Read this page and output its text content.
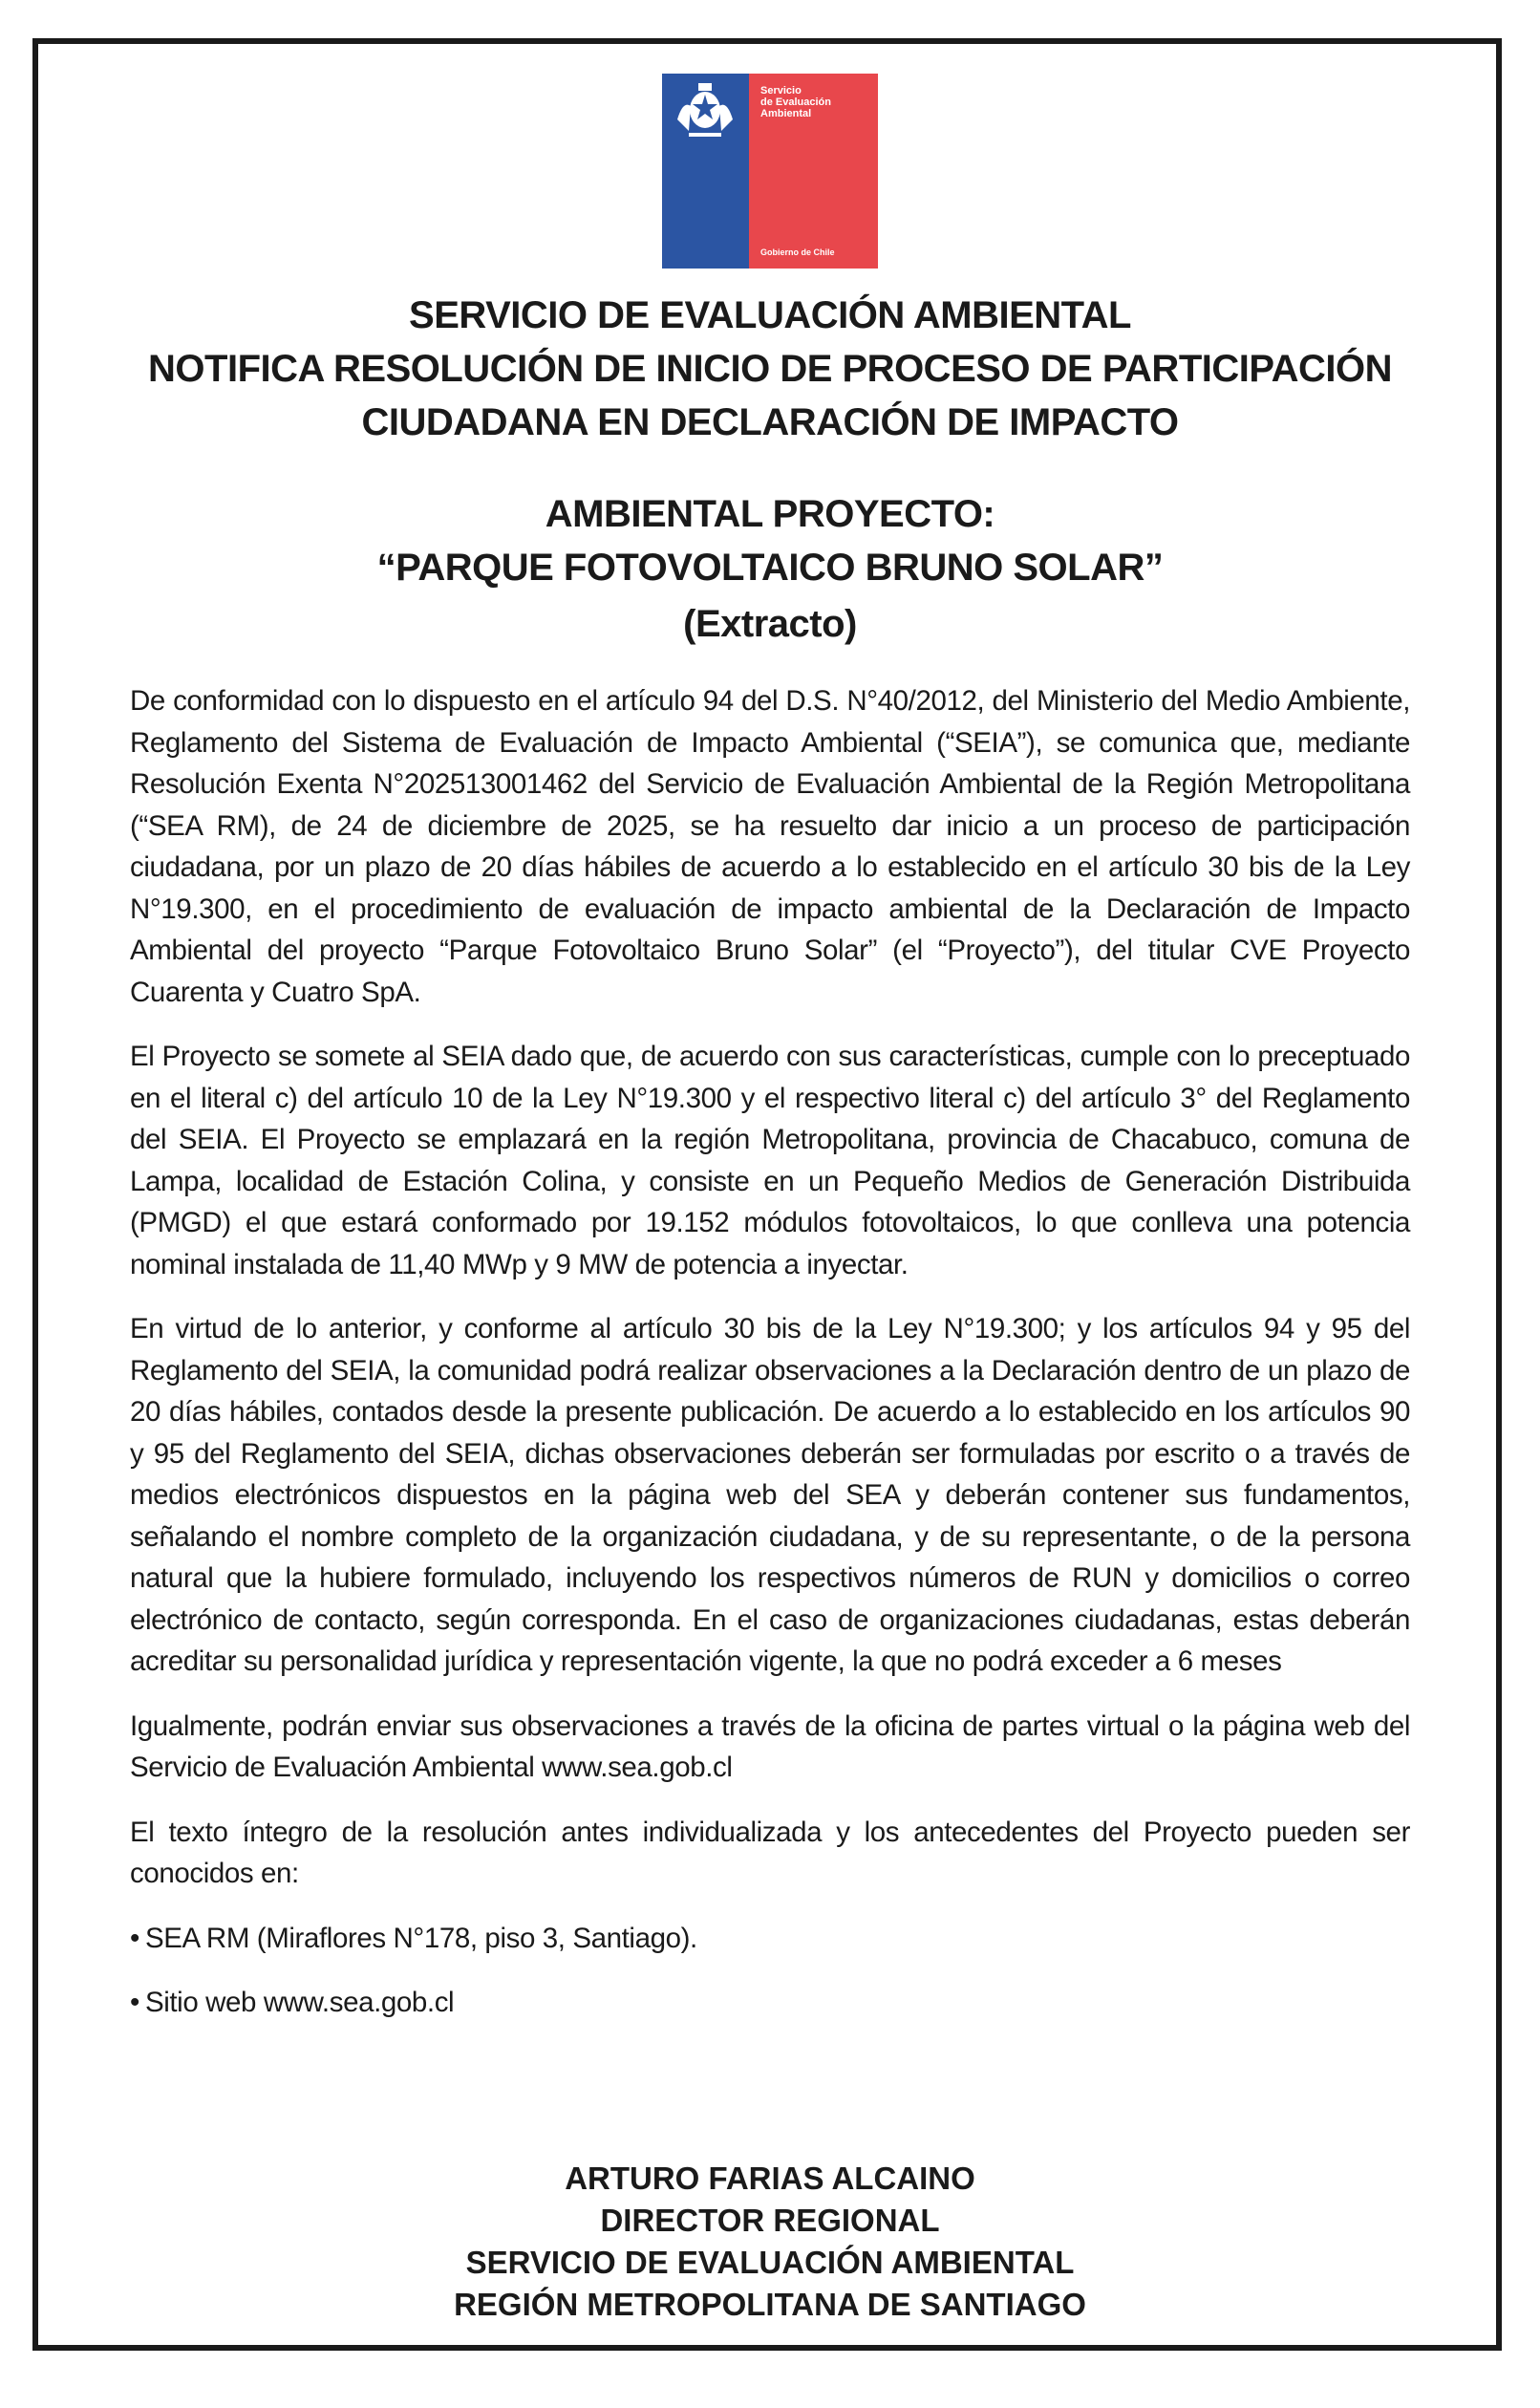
Servicio
de Evaluación
Ambiental
Gobierno de Chile
SERVICIO DE EVALUACIÓN AMBIENTAL
NOTIFICA RESOLUCIÓN DE INICIO DE PROCESO DE PARTICIPACIÓN
CIUDADANA EN DECLARACIÓN DE IMPACTO
AMBIENTAL PROYECTO:
“PARQUE FOTOVOLTAICO BRUNO SOLAR”
(Extracto)

De conformidad con lo dispuesto en el artículo 94 del D.S. N°40/2012, del Ministerio del Medio Ambiente, Reglamento del Sistema de Evaluación de Impacto Ambiental (“SEIA”), se comunica que, mediante Resolución Exenta N°202513001462 del Servicio de Evaluación Ambiental de la Región Metropolitana (“SEA RM), de 24 de diciembre de 2025, se ha resuelto dar inicio a un proceso de participación ciudadana, por un plazo de 20 días hábiles de acuerdo a lo establecido en el artículo 30 bis de la Ley N°19.300, en el procedimiento de evaluación de impacto ambiental de la Declaración de Impacto Ambiental del proyecto “Parque Fotovoltaico Bruno Solar” (el “Proyecto”), del titular CVE Proyecto Cuarenta y Cuatro SpA.

El Proyecto se somete al SEIA dado que, de acuerdo con sus características, cumple con lo preceptuado en el literal c) del artículo 10 de la Ley N°19.300 y el respectivo literal c) del artículo 3° del Reglamento del SEIA. El Proyecto se emplazará en la región Metropolitana, provincia de Chacabuco, comuna de Lampa, localidad de Estación Colina, y consiste en un Pequeño Medios de Generación Distribuida (PMGD) el que estará conformado por 19.152 módulos fotovoltaicos, lo que conlleva una potencia nominal instalada de 11,40 MWp y 9 MW de potencia a inyectar.

En virtud de lo anterior, y conforme al artículo 30 bis de la Ley N°19.300; y los artículos 94 y 95 del Reglamento del SEIA, la comunidad podrá realizar observaciones a la Declaración dentro de un plazo de 20 días hábiles, contados desde la presente publicación. De acuerdo a lo establecido en los artículos 90 y 95 del Reglamento del SEIA, dichas observaciones deberán ser formuladas por escrito o a través de medios electrónicos dispuestos en la página web del SEA y deberán contener sus fundamentos, señalando el nombre completo de la organización ciudadana, y de su representante, o de la persona natural que la hubiere formulado, incluyendo los respectivos números de RUN y domicilios o correo electrónico de contacto, según corresponda. En el caso de organizaciones ciudadanas, estas deberán acreditar su personalidad jurídica y representación vigente, la que no podrá exceder a 6 meses

Igualmente, podrán enviar sus observaciones a través de la oficina de partes virtual o la página web del Servicio de Evaluación Ambiental www.sea.gob.cl

El texto íntegro de la resolución antes individualizada y los antecedentes del Proyecto pueden ser conocidos en:

• SEA RM (Miraflores N°178, piso 3, Santiago).
• Sitio web www.sea.gob.cl
ARTURO FARIAS ALCAINO
DIRECTOR REGIONAL
SERVICIO DE EVALUACIÓN AMBIENTAL
REGIÓN METROPOLITANA DE SANTIAGO
